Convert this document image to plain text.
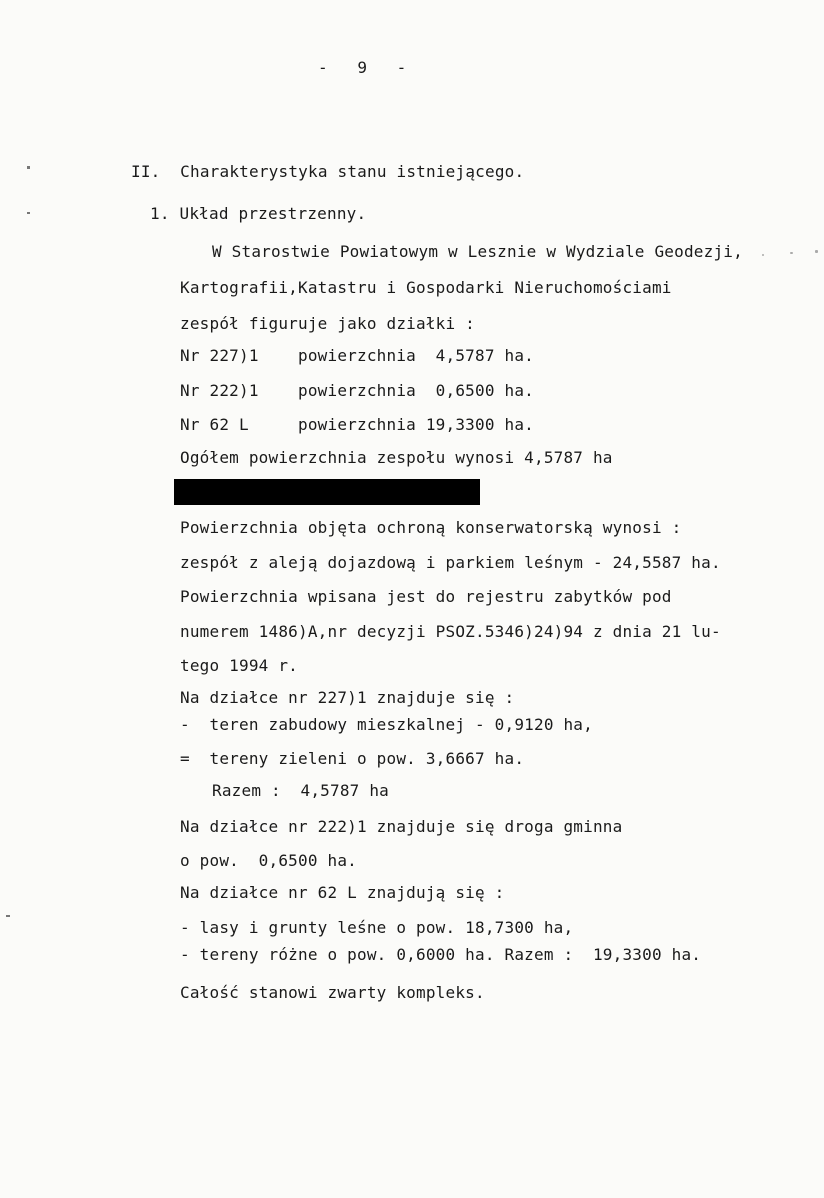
-   9   -
II.  Charakterystyka stanu istniejącego.
1. Układ przestrzenny.
W Starostwie Powiatowym w Lesznie w Wydziale Geodezji,
Kartografii,Katastru i Gospodarki Nieruchomościami
zespół figuruje jako działki :
Nr 227)1    powierzchnia  4,5787 ha.
Nr 222)1    powierzchnia  0,6500 ha.
Nr 62 L     powierzchnia 19,3300 ha.
Ogółem powierzchnia zespołu wynosi 4,5787 ha
Powierzchnia objęta ochroną konserwatorską wynosi :
zespół z aleją dojazdową i parkiem leśnym - 24,5587 ha.
Powierzchnia wpisana jest do rejestru zabytków pod
numerem 1486)A,nr decyzji PSOZ.5346)24)94 z dnia 21 lu-
tego 1994 r.
Na działce nr 227)1 znajduje się :
-  teren zabudowy mieszkalnej - 0,9120 ha,
=  tereny zieleni o pow. 3,6667 ha.
Razem :  4,5787 ha
Na działce nr 222)1 znajduje się droga gminna
o pow.  0,6500 ha.
Na działce nr 62 L znajdują się :
- lasy i grunty leśne o pow. 18,7300 ha,
- tereny różne o pow. 0,6000 ha. Razem :  19,3300 ha.
Całość stanowi zwarty kompleks.
